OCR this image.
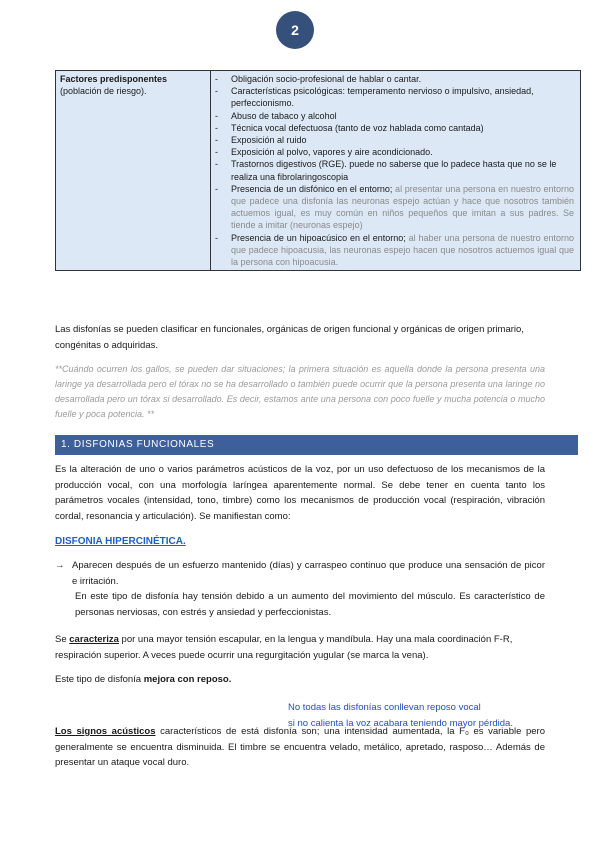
2
Factores predisponentes
(población de riesgo).	
- Obligación socio-profesional de hablar o cantar.
- Características psicológicas: temperamento nervioso o impulsivo, ansiedad, perfeccionismo.
- Abuso de tabaco y alcohol
- Técnica vocal defectuosa (tanto de voz hablada como cantada)
- Exposición al ruido
- Exposición al polvo, vapores y aire acondicionado.
- Trastornos digestivos (RGE). puede no saberse que lo padece hasta que no se le realiza una fibrolaringoscopia
- Presencia de un disfónico en el entorno; al presentar una persona en nuestro entorno que padece una disfonía las neuronas espejo actúan y hace que nosotros también actuemos igual, es muy común en niños pequeños que imitan a sus padres. Se tiende a imitar (neuronas espejo)
- Presencia de un hipoacúsico en el entorno; al haber una persona de nuestro entorno que padece hipoacusia, las neuronas espejo hacen que nosotros actuemos igual que la persona con hipoacusia.

Las disfonías se pueden clasificar en funcionales, orgánicas de origen funcional y orgánicas de origen primario, congénitas o adquiridas.

**Cuándo ocurren los gallos, se pueden dar situaciones; la primera situación es aquella donde la persona presenta una laringe ya desarrollada pero el tórax no se ha desarrollado o también puede ocurrir que la persona presenta una laringe no desarrollada pero un tórax si desarrollado. Es decir, estamos ante una persona con poco fuelle y mucha potencia o mucho fuelle y poca potencia. **

1. DISFONIAS FUNCIONALES

Es la alteración de uno o varios parámetros acústicos de la voz, por un uso defectuoso de los mecanismos de la producción vocal, con una morfología laríngea aparentemente normal. Se debe tener en cuenta tanto los parámetros vocales (intensidad, tono, timbre) como los mecanismos de producción vocal (respiración, vibración cordal, resonancia y articulación). Se manifiestan como:

DISFONIA HIPERCINÉTICA.
→ Aparecen después de un esfuerzo mantenido (días) y carraspeo continuo que produce una sensación de picor e irritación.
En este tipo de disfonía hay tensión debido a un aumento del movimiento del músculo. Es característico de personas nerviosas, con estrés y ansiedad y perfeccionistas.

Se caracteriza por una mayor tensión escapular, en la lengua y mandíbula. Hay una mala coordinación F-R, respiración superior. A veces puede ocurrir una regurgitación yugular (se marca la vena).

Este tipo de disfonía mejora con reposo.

No todas las disfonías conllevan reposo vocal
si no calienta la voz acabara teniendo mayor pérdida.

Los signos acústicos característicos de está disfonía son; una intensidad aumentada, la F₀ es variable pero generalmente se encuentra disminuida. El timbre se encuentra velado, metálico, apretado, rasposo… Además de presentar un ataque vocal duro.
